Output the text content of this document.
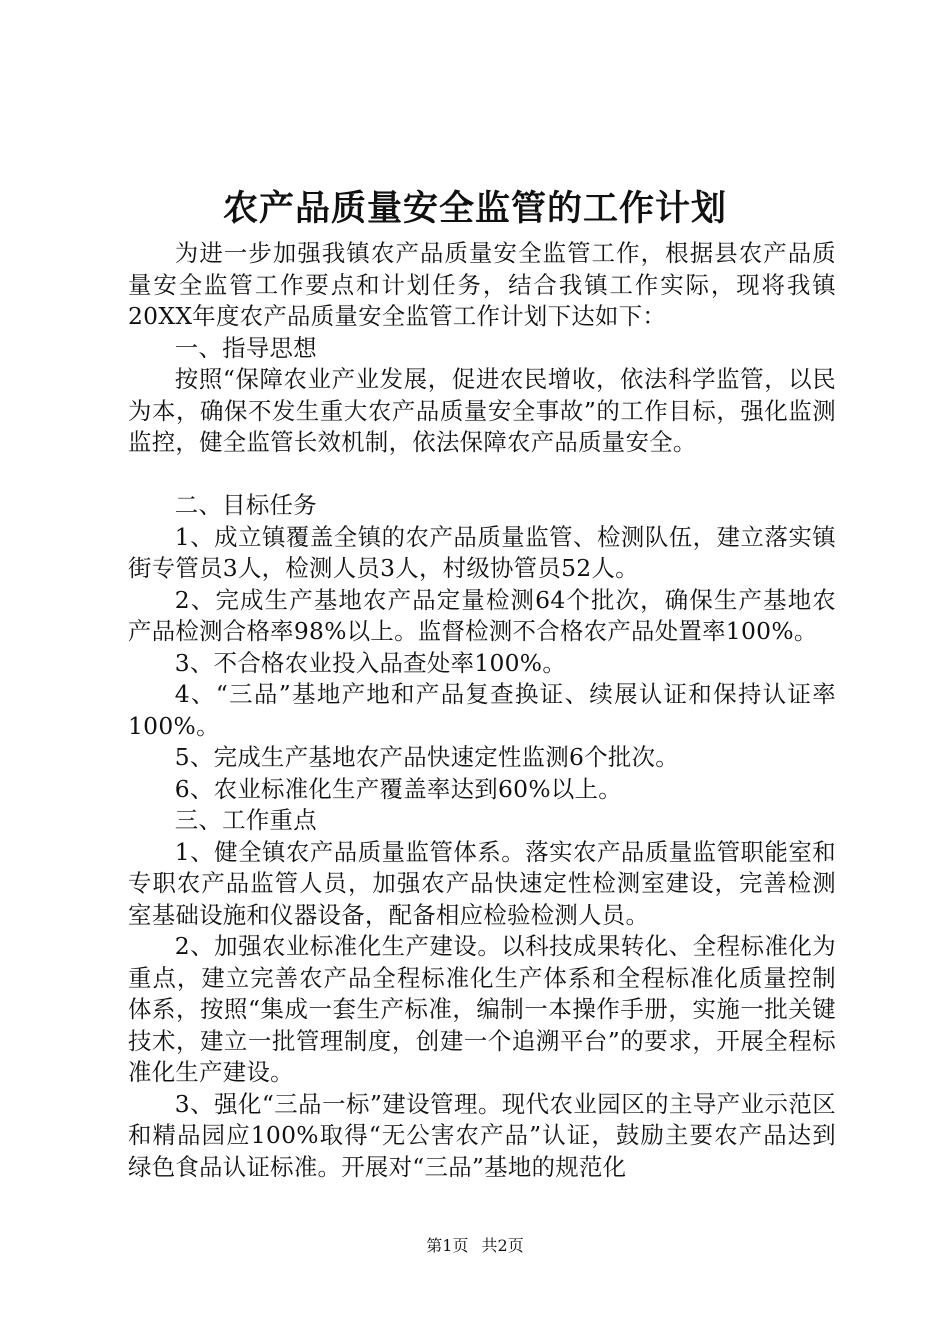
农产品质量安全监管的工作计划

为进一步加强我镇农产品质量安全监管工作，根据县农产品质量安全监管工作要点和计划任务，结合我镇工作实际，现将我镇20XX年度农产品质量安全监管工作计划下达如下：

一、指导思想

按照“保障农业产业发展，促进农民增收，依法科学监管，以民为本，确保不发生重大农产品质量安全事故”的工作目标，强化监测监控，健全监管长效机制，依法保障农产品质量安全。

二、目标任务

1、成立镇覆盖全镇的农产品质量监管、检测队伍，建立落实镇街专管员3人，检测人员3人，村级协管员52人。

2、完成生产基地农产品定量检测64个批次，确保生产基地农产品检测合格率98%以上。监督检测不合格农产品处置率100%。

3、不合格农业投入品查处率100%。

4、“三品”基地产地和产品复查换证、续展认证和保持认证率100%。

5、完成生产基地农产品快速定性监测6个批次。

6、农业标准化生产覆盖率达到60%以上。

三、工作重点

1、健全镇农产品质量监管体系。落实农产品质量监管职能室和专职农产品监管人员，加强农产品快速定性检测室建设，完善检测室基础设施和仪器设备，配备相应检验检测人员。

2、加强农业标准化生产建设。以科技成果转化、全程标准化为重点，建立完善农产品全程标准化生产体系和全程标准化质量控制体系，按照“集成一套生产标准，编制一本操作手册，实施一批关键技术，建立一批管理制度，创建一个追溯平台”的要求，开展全程标准化生产建设。

3、强化“三品一标”建设管理。现代农业园区的主导产业示范区和精品园应100%取得“无公害农产品”认证，鼓励主要农产品达到绿色食品认证标准。开展对“三品”基地的规范化

第1页 共2页
